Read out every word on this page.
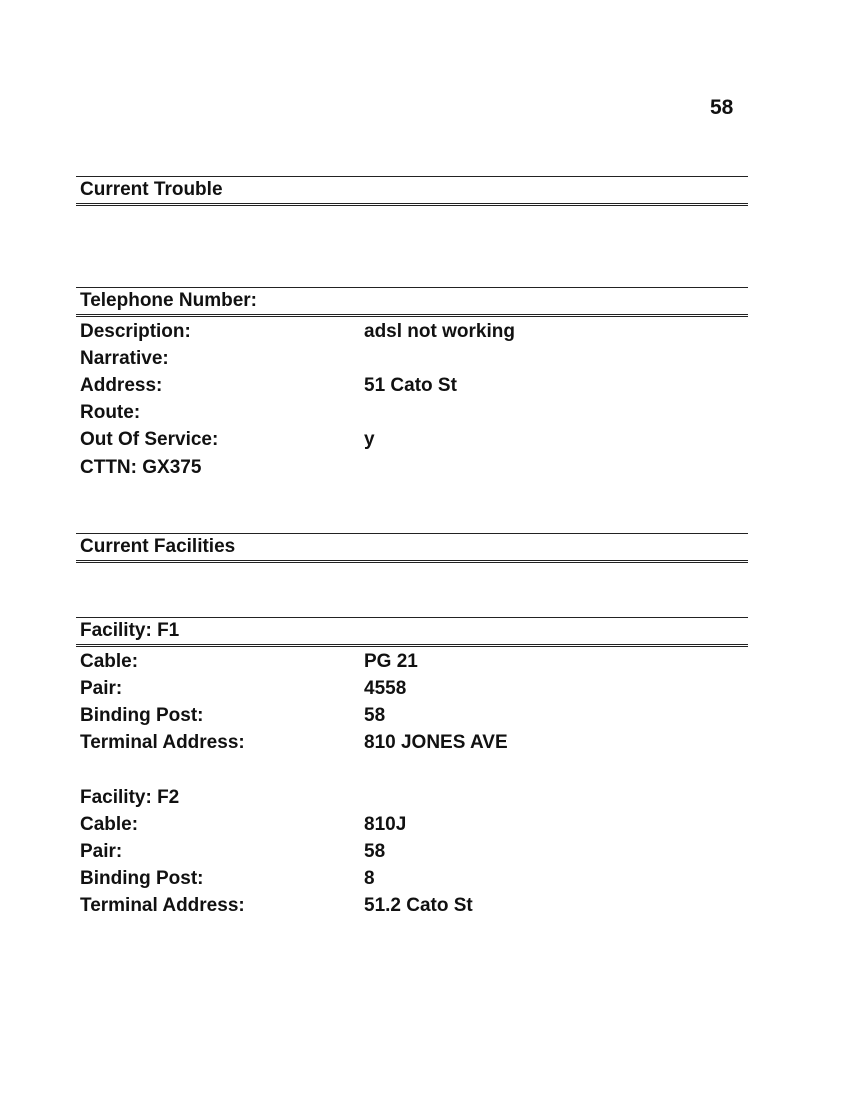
58
Current Trouble
Telephone Number:
Description:	adsl not working
Narrative:
Address:	51 Cato St
Route:
Out Of Service:	y
CTTN: GX375
Current Facilities
Facility: F1
Cable:	PG 21
Pair:	4558
Binding Post:	58
Terminal Address:	810 JONES AVE
Facility: F2
Cable:	810J
Pair:	58
Binding Post:	8
Terminal Address:	51.2 Cato St
